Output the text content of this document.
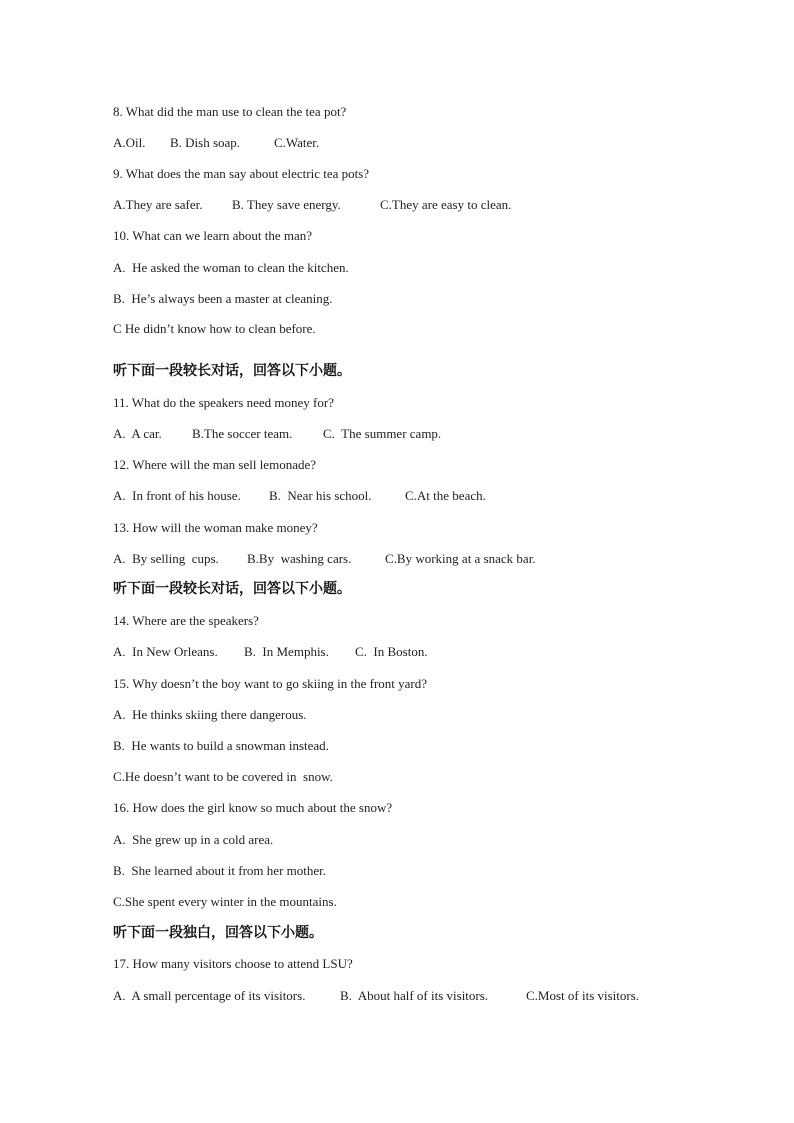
8. What did the man use to clean the tea pot?
A.Oil. B. Dish soap.	C.Water.
9. What does the man say about electric tea pots?
A.They are safer. B. They save energy.	C.They are easy to clean.
10. What can we learn about the man?
A.  He asked the woman to clean the kitchen.
B.  He’s always been a master at cleaning.
C He didn’t know how to clean before.
听下面一段较长对话，回答以下小题。
11. What do the speakers need money for?
A.  A car. B.The soccer team. C.  The summer camp.
12. Where will the man sell lemonade?
A.  In front of his house. B.  Near his school.	C.At the beach.
13. How will the woman make money?
A.  By selling  cups. B.By  washing cars.	C.By working at a snack bar.
听下面一段较长对话，回答以下小题。
14. Where are the speakers?
A.  In New Orleans. B.  In Memphis. C.  In Boston.
15. Why doesn’t the boy want to go skiing in the front yard?
A.  He thinks skiing there dangerous.
B.  He wants to build a snowman instead.
C.He doesn’t want to be covered in  snow.
16. How does the girl know so much about the snow?
A.  She grew up in a cold area.
B.  She learned about it from her mother.
C.She spent every winter in the mountains.
听下面一段独白，回答以下小题。
17. How many visitors choose to attend LSU?
A.  A small percentage of its visitors.	B.  About half of its visitors.	C.Most of its visitors.
